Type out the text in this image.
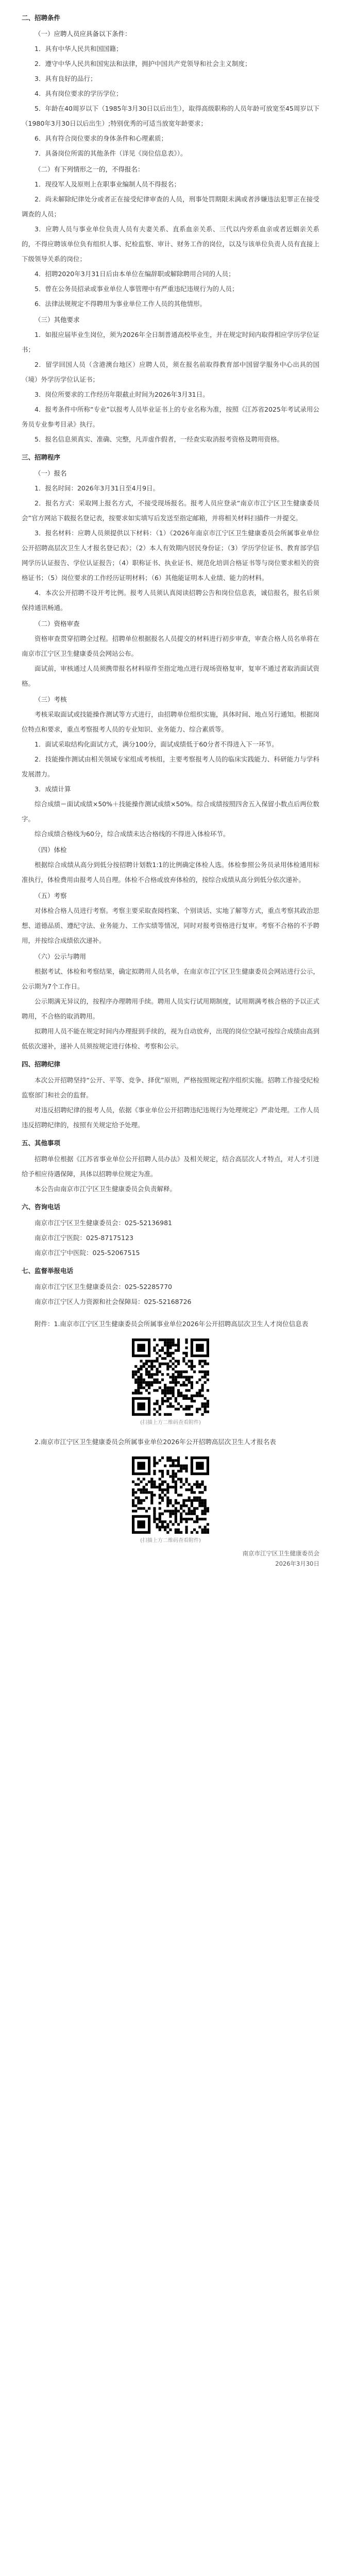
二、招聘条件
（一）应聘人员应具备以下条件：
1．具有中华人民共和国国籍；
2．遵守中华人民共和国宪法和法律，拥护中国共产党领导和社会主义制度；
3．具有良好的品行；
4．具有岗位要求的学历学位；
5．年龄在40周岁以下（1985年3月30日以后出生），取得高级职称的人员年龄可放宽至45周岁以下（1980年3月30日以后出生）;特别优秀的可适当放宽年龄要求；
6．具有符合岗位要求的身体条件和心理素质；
7．具备岗位所需的其他条件（详见《岗位信息表》）。
（二）有下列情形之一的，不得报名：
1．现役军人及原则上在职事业编制人员不得报名；
2．尚未解除纪律处分或者正在接受纪律审查的人员，刑事处罚期限未满或者涉嫌违法犯罪正在接受调查的人员；
3．应聘人员与事业单位负责人员有夫妻关系、直系血亲关系、三代以内旁系血亲或者近姻亲关系的，不得应聘该单位负有组织人事、纪检监察、审计、财务工作的岗位，以及与该单位负责人员有直接上下级领导关系的岗位；
4．招聘2020年3月31日后由本单位在编辞职或解除聘用合同的人员；
5．曾在公务员招录或事业单位人事管理中有严重违纪违规行为的人员；
6．法律法规规定不得聘用为事业单位工作人员的其他情形。
（三）其他要求
1．如报应届毕业生岗位，须为2026年全日制普通高校毕业生，并在规定时间内取得相应学历学位证书；
2．留学回国人员（含港澳台地区）应聘人员，须在报名前取得教育部中国留学服务中心出具的国（境）外学历学位认证书；
3．岗位所要求的工作经历年限截止时间为2026年3月31日。
4．报考条件中所称“专业”以报考人员毕业证书上的专业名称为准，按照《江苏省2025年考试录用公务员专业参考目录》执行。
5．报名信息须真实、准确、完整，凡弄虚作假者，一经查实取消报考资格及聘用资格。
三、招聘程序
（一）报名
1．报名时间：2026年3月31日至4月9日。
2．报名方式：采取网上报名方式，不接受现场报名。报考人员应登录“南京市江宁区卫生健康委员会”官方网站下载报名登记表，按要求如实填写后发送至指定邮箱，并将相关材料扫描件一并提交。
3．报名材料：应聘人员须提供以下材料：（1）《2026年南京市江宁区卫生健康委员会所属事业单位公开招聘高层次卫生人才报名登记表》；（2）本人有效期内居民身份证；（3）学历学位证书、教育部学信网学历认证报告、学位认证报告；（4）职称证书、执业证书、规范化培训合格证书等与岗位要求相关的资格证书；（5）岗位要求的工作经历证明材料；（6）其他能证明本人业绩、能力的材料。
4．本次公开招聘不设开考比例。报考人员须认真阅读招聘公告和岗位信息表，诚信报名，报名后须保持通讯畅通。
（二）资格审查
资格审查贯穿招聘全过程。招聘单位根据报名人员提交的材料进行初步审查，审查合格人员名单将在南京市江宁区卫生健康委员会网站公布。
面试前，审核通过人员须携带报名材料原件至指定地点进行现场资格复审，复审不通过者取消面试资格。
（三）考核
考核采取面试或技能操作测试等方式进行，由招聘单位组织实施，具体时间、地点另行通知。根据岗位特点和要求，重点考察报考人员的专业知识、业务能力、综合素质等。
1．面试采取结构化面试方式，满分100分，面试成绩低于60分者不得进入下一环节。
2．技能操作测试由相关领域专家组成考核组，主要考察报考人员的临床实践能力、科研能力与学科发展潜力。
3．成绩计算
综合成绩＝面试成绩×50%＋技能操作测试成绩×50%。综合成绩按照四舍五入保留小数点后两位数字。
综合成绩合格线为60分，综合成绩未达合格线的不得进入体检环节。
（四）体检
根据综合成绩从高分到低分按招聘计划数1:1的比例确定体检人选。体检参照公务员录用体检通用标准执行，体检费用由报考人员自理。体检不合格或放弃体检的，按综合成绩从高分到低分依次递补。
（五）考察
对体检合格人员进行考察。考察主要采取查阅档案、个别谈话、实地了解等方式，重点考察其政治思想、道德品质、遵纪守法、业务能力、工作实绩等情况，同时对报考资格进行复审。考察不合格的不予聘用，并按综合成绩依次递补。
（六）公示与聘用
根据考试、体检和考察结果，确定拟聘用人员名单，在南京市江宁区卫生健康委员会网站进行公示，公示期为7个工作日。
公示期满无异议的，按程序办理聘用手续。聘用人员实行试用期制度，试用期满考核合格的予以正式聘用，不合格的取消聘用。
拟聘用人员不能在规定时间内办理报到手续的，视为自动放弃，出现的岗位空缺可按综合成绩由高到低依次递补，递补人员须按规定进行体检、考察和公示。
四、招聘纪律
本次公开招聘坚持“公开、平等、竞争、择优”原则，严格按照规定程序组织实施。招聘工作接受纪检监察部门和社会的监督。
对违反招聘纪律的报考人员，依据《事业单位公开招聘违纪违规行为处理规定》严肃处理。工作人员违反招聘纪律的，按照有关规定给予处理。
五、其他事项
招聘单位根据《江苏省事业单位公开招聘人员办法》及相关规定，结合高层次人才特点，对人才引进给予相应待遇保障，具体以招聘单位规定为准。
本公告由南京市江宁区卫生健康委员会负责解释。
六、咨询电话
南京市江宁区卫生健康委员会：025-52136981
南京市江宁医院：025-87175123
南京市江宁中医院：025-52067515
七、监督举报电话
南京市江宁区卫生健康委员会：025-52285770
南京市江宁区人力资源和社会保障局：025-52168726
附件：1.南京市江宁区卫生健康委员会所属事业单位2026年公开招聘高层次卫生人才岗位信息表
(扫描上方二维码查看附件)
2.南京市江宁区卫生健康委员会所属事业单位2026年公开招聘高层次卫生人才报名表
(扫描上方二维码查看附件)
南京市江宁区卫生健康委员会
2026年3月30日
